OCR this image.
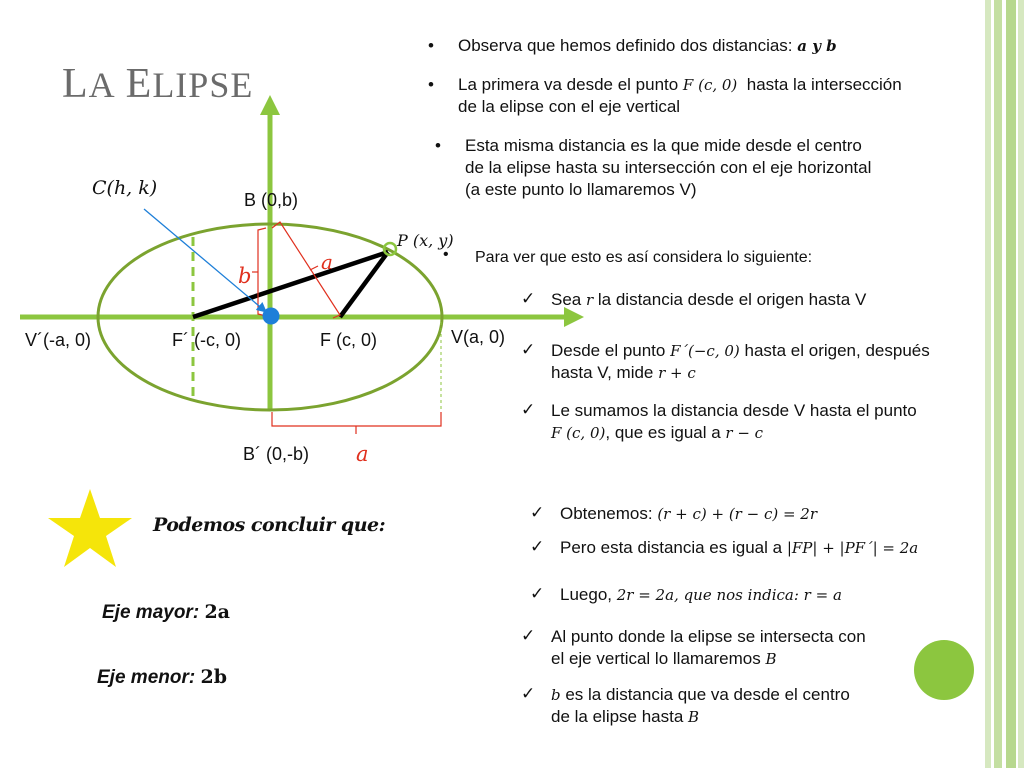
LA ELIPSE
• Observa que hemos definido dos distancias: a y b
• La primera va desde el punto F (c, 0)  hasta la intersección
de la elipse con el eje vertical
• Esta misma distancia es la que mide desde el centro
de la elipse hasta su intersección con el eje horizontal
(a este punto lo llamaremos V)
• Para ver que esto es así considera lo siguiente:
✓ Sea r la distancia desde el origen hasta V
✓ Desde el punto F´(−c, 0) hasta el origen, después
hasta V, mide r + c
✓ Le sumamos la distancia desde V hasta el punto
F (c, 0), que es igual a r − c
✓ Obtenemos: (r + c) + (r − c) = 2r
✓ Pero esta distancia es igual a |FP| + |PF´| = 2a
✓ Luego, 2r = 2a, que nos indica: r = a
✓ Al punto donde la elipse se intersecta con
el eje vertical lo llamaremos B
✓ b es la distancia que va desde el centro
de la elipse hasta B
C(h, k)
B (0,b)
P (x, y)
a
b
V´(-a, 0)	F´ (-c, 0)	F (c, 0)	V(a, 0)
B´ (0,-b) a
Podemos concluir que:
Eje mayor: 2a
Eje menor: 2b
